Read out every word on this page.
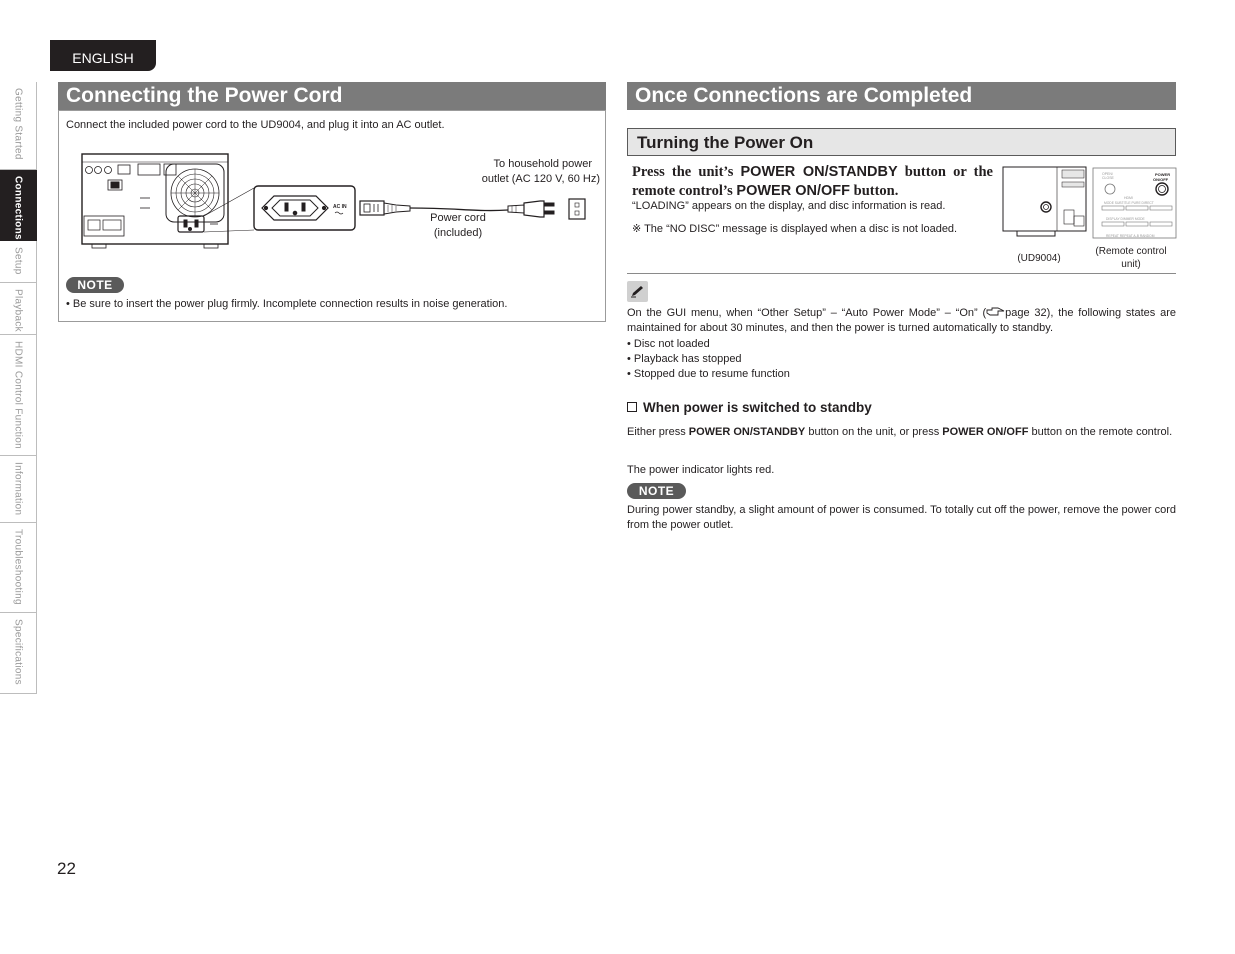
ENGLISH
Getting Started
Connections
Setup
Playback
HDMI Control Function
Information
Troubleshooting
Specifications
Connecting the Power Cord
Connect the included power cord to the UD9004, and plug it into an AC outlet.
AC IN
To household power
outlet (AC 120 V, 60 Hz)
Power cord
(included)
NOTE
• Be sure to insert the power plug firmly. Incomplete connection results in noise generation.
Once Connections are Completed
Turning the Power On
Press the unit’s POWER ON/STANDBY button or the remote control’s POWER ON/OFF button.
“LOADING” appears on the display, and disc information is read.
※ The “NO DISC” message is displayed when a disc is not loaded.
OPEN/
CLOSE
POWER
ON/OFF
HDMI
MODE SUBTITLE PURE DIRECT
DISPLAY DIMMER MODE
REPEAT REPEAT A-B RANDOM
(UD9004)
(Remote control
unit)
On the GUI menu, when “Other Setup” – “Auto Power Mode” – “On” ( page 32), the following states are maintained for about 30 minutes, and then the power is turned automatically to standby.
• Disc not loaded
• Playback has stopped
• Stopped due to resume function
When power is switched to standby
Either press POWER ON/STANDBY button on the unit, or press POWER ON/OFF button on the remote control.
The power indicator lights red.
NOTE
During power standby, a slight amount of power is consumed. To totally cut off the power, remove the power cord from the power outlet.
22
